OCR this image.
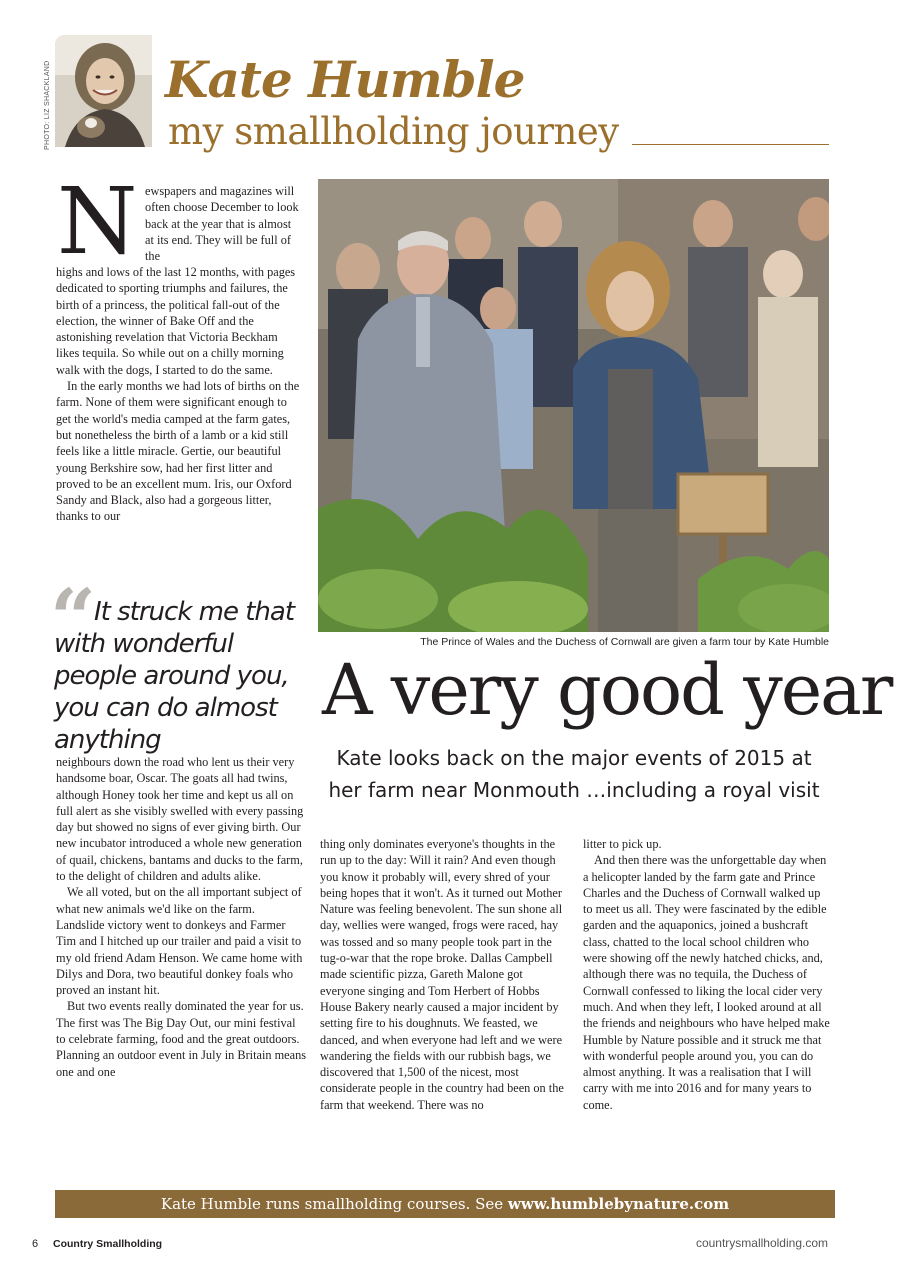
PHOTO: LIZ SHACKLAND Kate Humble
my smallholding journey
N ewspapers and magazines will often choose December to look back at the year that is almost at its end. They will be full of the

highs and lows of the last 12 months, with pages dedicated to sporting triumphs and failures, the birth of a princess, the political fall-out of the election, the winner of Bake Off and the astonishing revelation that Victoria Beckham likes tequila. So while out on a chilly morning walk with the dogs, I started to do the same.

In the early months we had lots of births on the farm. None of them were significant enough to get the world's media camped at the farm gates, but nonetheless the birth of a lamb or a kid still feels like a little miracle. Gertie, our beautiful young Berkshire sow, had her first litter and proved to be an excellent mum. Iris, our Oxford Sandy and Black, also had a gorgeous litter, thanks to our

“
It struck me that with wonderful people around you, you can do almost anything

neighbours down the road who lent us their very handsome boar, Oscar. The goats all had twins, although Honey took her time and kept us all on full alert as she visibly swelled with every passing day but showed no signs of ever giving birth. Our new incubator introduced a whole new generation of quail, chickens, bantams and ducks to the farm, to the delight of children and adults alike.

We all voted, but on the all important subject of what new animals we'd like on the farm. Landslide victory went to donkeys and Farmer Tim and I hitched up our trailer and paid a visit to my old friend Adam Henson. We came home with Dilys and Dora, two beautiful donkey foals who proved an instant hit.

But two events really dominated the year for us. The first was The Big Day Out, our mini festival to celebrate farming, food and the great outdoors. Planning an outdoor event in July in Britain means one and one

The Prince of Wales and the Duchess of Cornwall are given a farm tour by Kate Humble
A very good year
Kate looks back on the major events of 2015 at her farm near Monmouth …including a royal visit

thing only dominates everyone's thoughts in the run up to the day: Will it rain? And even though you know it probably will, every shred of your being hopes that it won't. As it turned out Mother Nature was feeling benevolent. The sun shone all day, wellies were wanged, frogs were raced, hay was tossed and so many people took part in the tug-o-war that the rope broke. Dallas Campbell made scientific pizza, Gareth Malone got everyone singing and Tom Herbert of Hobbs House Bakery nearly caused a major incident by setting fire to his doughnuts. We feasted, we danced, and when everyone had left and we were wandering the fields with our rubbish bags, we discovered that 1,500 of the nicest, most considerate people in the country had been on the farm that weekend. There was no

litter to pick up.

And then there was the unforgettable day when a helicopter landed by the farm gate and Prince Charles and the Duchess of Cornwall walked up to meet us all. They were fascinated by the edible garden and the aquaponics, joined a bushcraft class, chatted to the local school children who were showing off the newly hatched chicks, and, although there was no tequila, the Duchess of Cornwall confessed to liking the local cider very much. And when they left, I looked around at all the friends and neighbours who have helped make Humble by Nature possible and it struck me that with wonderful people around you, you can do almost anything. It was a realisation that I will carry with me into 2016 and for many years to come.

Kate Humble runs smallholding courses. See www.humblebynature.com
6 Country Smallholding	countrysmallholding.com
